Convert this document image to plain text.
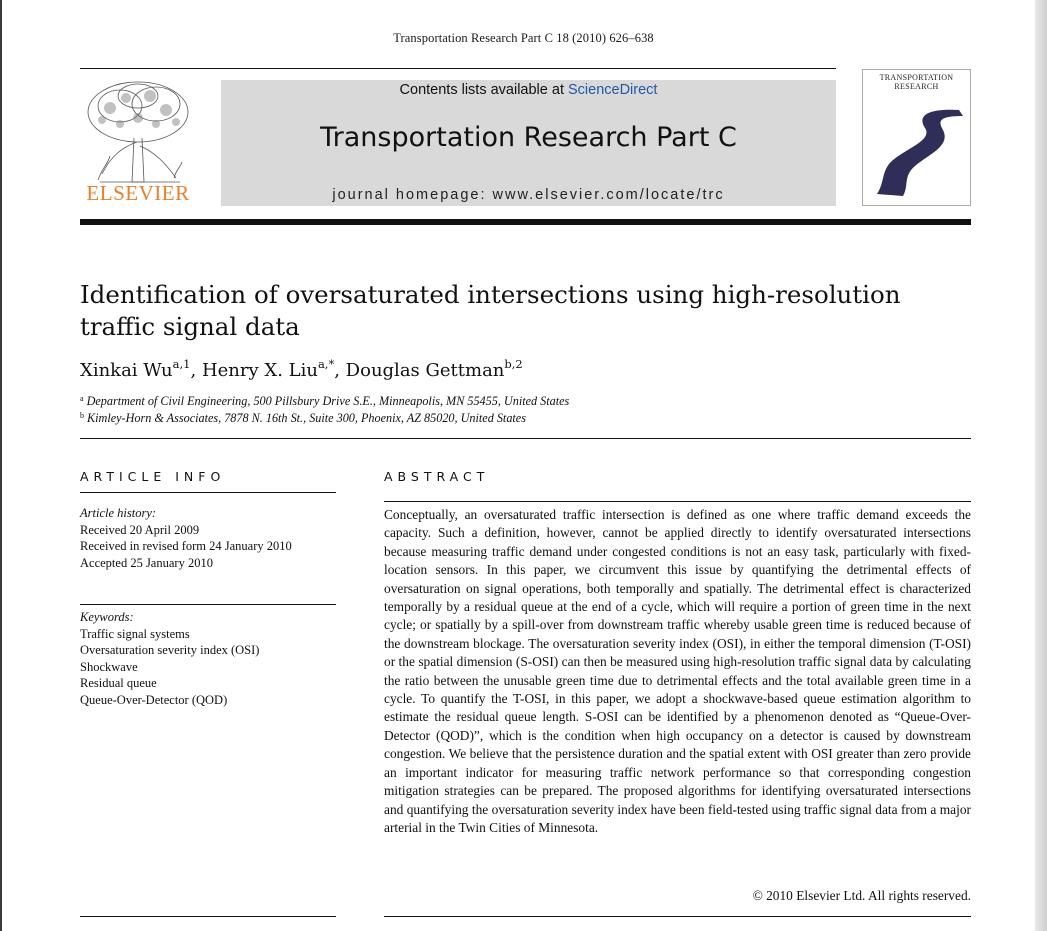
Transportation Research Part C 18 (2010) 626–638
ELSEVIER
Contents lists available at ScienceDirect
Transportation Research Part C
journal homepage: www.elsevier.com/locate/trc
TRANSPORTATION
RESEARCH
Identification of oversaturated intersections using high-resolution traffic signal data
Xinkai Wu$^{a,1}$, Henry X. Liu$^{a,*}$, Douglas Gettman$^{b,2}$
$^a$ Department of Civil Engineering, 500 Pillsbury Drive S.E., Minneapolis, MN 55455, United States
$^b$ Kimley-Horn & Associates, 7878 N. 16th St., Suite 300, Phoenix, AZ 85020, United States
ARTICLE INFO	ABSTRACT
Article history:
Received 20 April 2009
Received in revised form 24 January 2010
Accepted 25 January 2010
Keywords:
Traffic signal systems
Oversaturation severity index (OSI)
Shockwave
Residual queue
Queue-Over-Detector (QOD)
Conceptually, an oversaturated traffic intersection is defined as one where traffic demand exceeds the capacity. Such a definition, however, cannot be applied directly to identify oversaturated intersections because measuring traffic demand under congested conditions is not an easy task, particularly with fixed-location sensors. In this paper, we circumvent this issue by quantifying the detrimental effects of oversaturation on signal operations, both temporally and spatially. The detrimental effect is characterized temporally by a residual queue at the end of a cycle, which will require a portion of green time in the next cycle; or spatially by a spill-over from downstream traffic whereby usable green time is reduced because of the downstream blockage. The oversaturation severity index (OSI), in either the temporal dimension (T-OSI) or the spatial dimension (S-OSI) can then be measured using high-resolution traffic signal data by calculating the ratio between the unusable green time due to detrimental effects and the total available green time in a cycle. To quantify the T-OSI, in this paper, we adopt a shockwave-based queue estimation algorithm to estimate the residual queue length. S-OSI can be identified by a phenomenon denoted as “Queue-Over-Detector (QOD)”, which is the condition when high occupancy on a detector is caused by downstream congestion. We believe that the persistence duration and the spatial extent with OSI greater than zero provide an important indicator for measuring traffic network performance so that corresponding congestion mitigation strategies can be prepared. The proposed algorithms for identifying oversaturated intersections and quantifying the oversaturation severity index have been field-tested using traffic signal data from a major arterial in the Twin Cities of Minnesota.
© 2010 Elsevier Ltd. All rights reserved.
